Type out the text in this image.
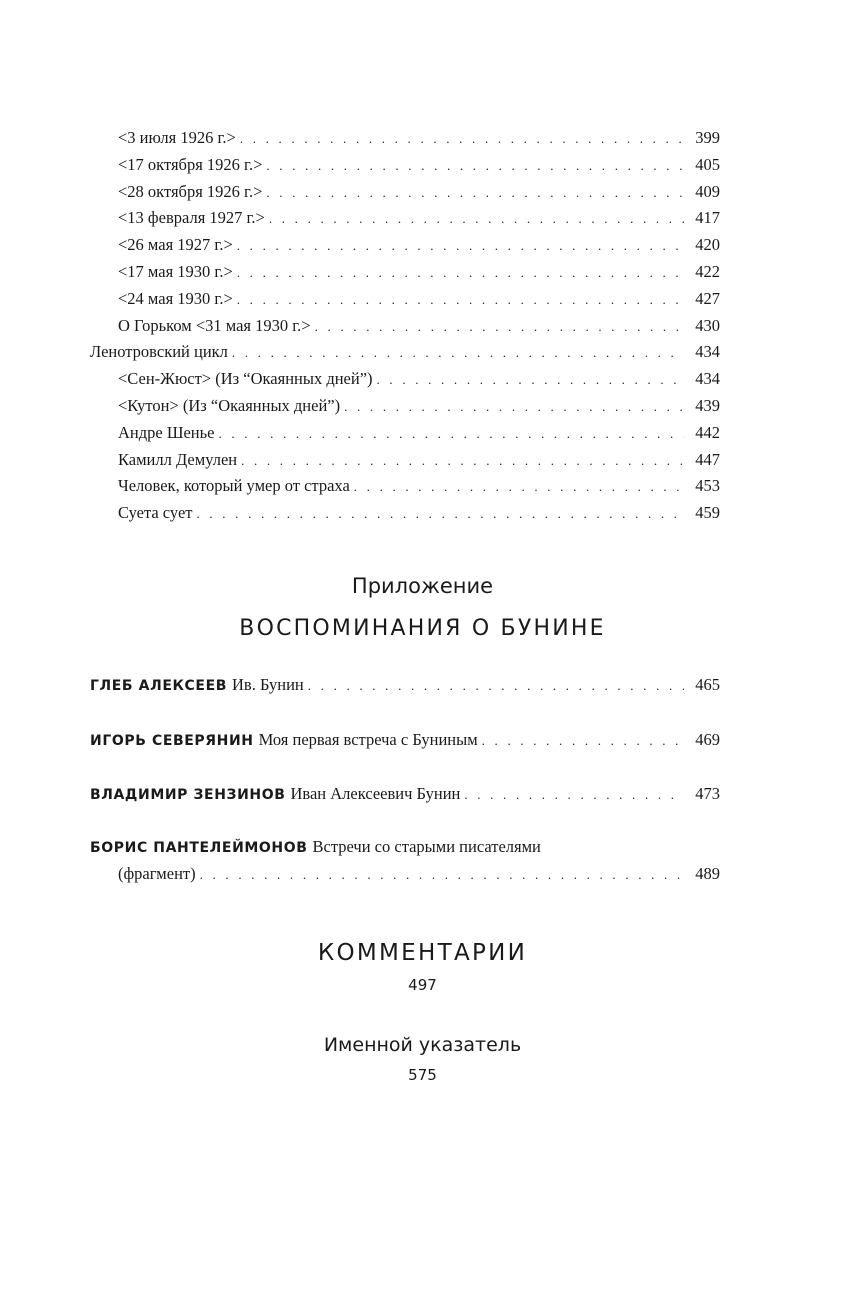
<3 июля 1926 г.> . . .	399
<17 октября 1926 г.> . . .	405
<28 октября 1926 г.> . . .	409
<13 февраля 1927 г.> . . .	417
<26 мая 1927 г.> . . .	420
<17 мая 1930 г.> . . .	422
<24 мая 1930 г.> . . .	427
О Горьком <31 мая 1930 г.> . . .	430
Ленотровский цикл . . .	434
<Сен-Жюст> (Из “Окаянных дней”) . . .	434
<Кутон> (Из “Окаянных дней”) . . .	439
Андре Шенье . . .	442
Камилл Демулен . . .	447
Человек, который умер от страха . . .	453
Суета сует . . .	459
Приложение
ВОСПОМИНАНИЯ О БУНИНЕ
ГЛЕБ АЛЕКСЕЕВ Ив. Бунин . . .	465
ИГОРЬ СЕВЕРЯНИН Моя первая встреча с Буниным . . .	469
ВЛАДИМИР ЗЕНЗИНОВ Иван Алексеевич Бунин . . .	473
БОРИС ПАНТЕЛЕЙМОНОВ Встречи со старыми писателями
(фрагмент) . . .	489
КОММЕНТАРИИ
497
Именной указатель
575
